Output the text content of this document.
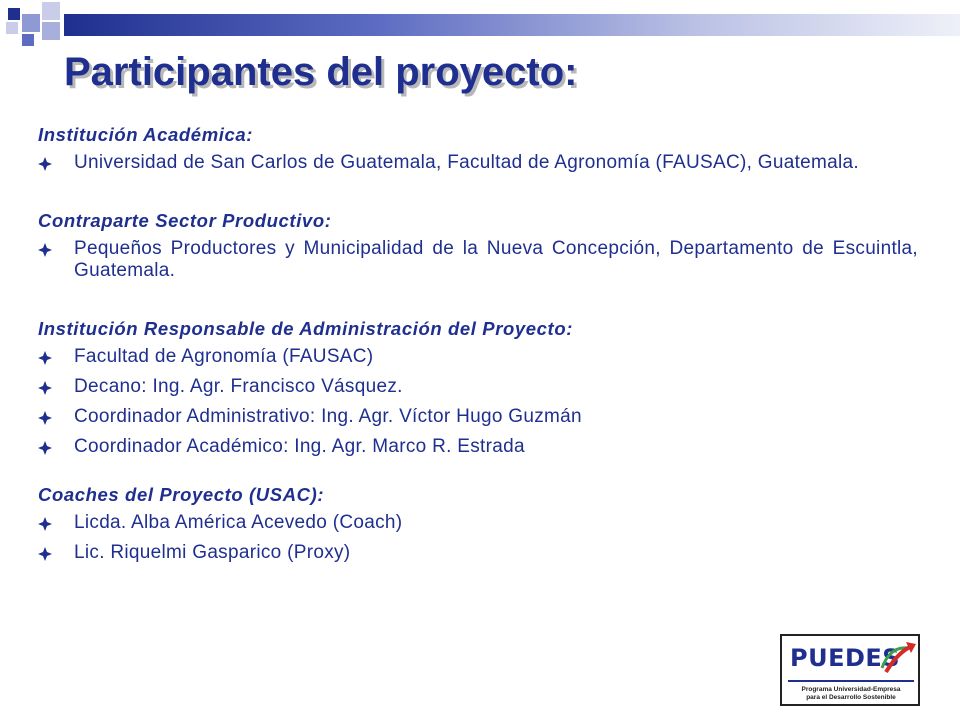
Participantes del proyecto:
Institución Académica:
Universidad de San Carlos de Guatemala, Facultad de Agronomía (FAUSAC), Guatemala.
Contraparte Sector Productivo:
Pequeños Productores y Municipalidad de la Nueva Concepción, Departamento de Escuintla, Guatemala.
Institución Responsable de Administración del Proyecto:
Facultad de Agronomía (FAUSAC)
Decano: Ing. Agr. Francisco Vásquez.
Coordinador Administrativo: Ing. Agr. Víctor Hugo Guzmán
Coordinador Académico: Ing. Agr. Marco R. Estrada
Coaches del Proyecto (USAC):
Licda. Alba América Acevedo (Coach)
Lic. Riquelmi Gasparico (Proxy)
PUEDES
Programa Universidad-Empresa
para el Desarrollo Sostenible
